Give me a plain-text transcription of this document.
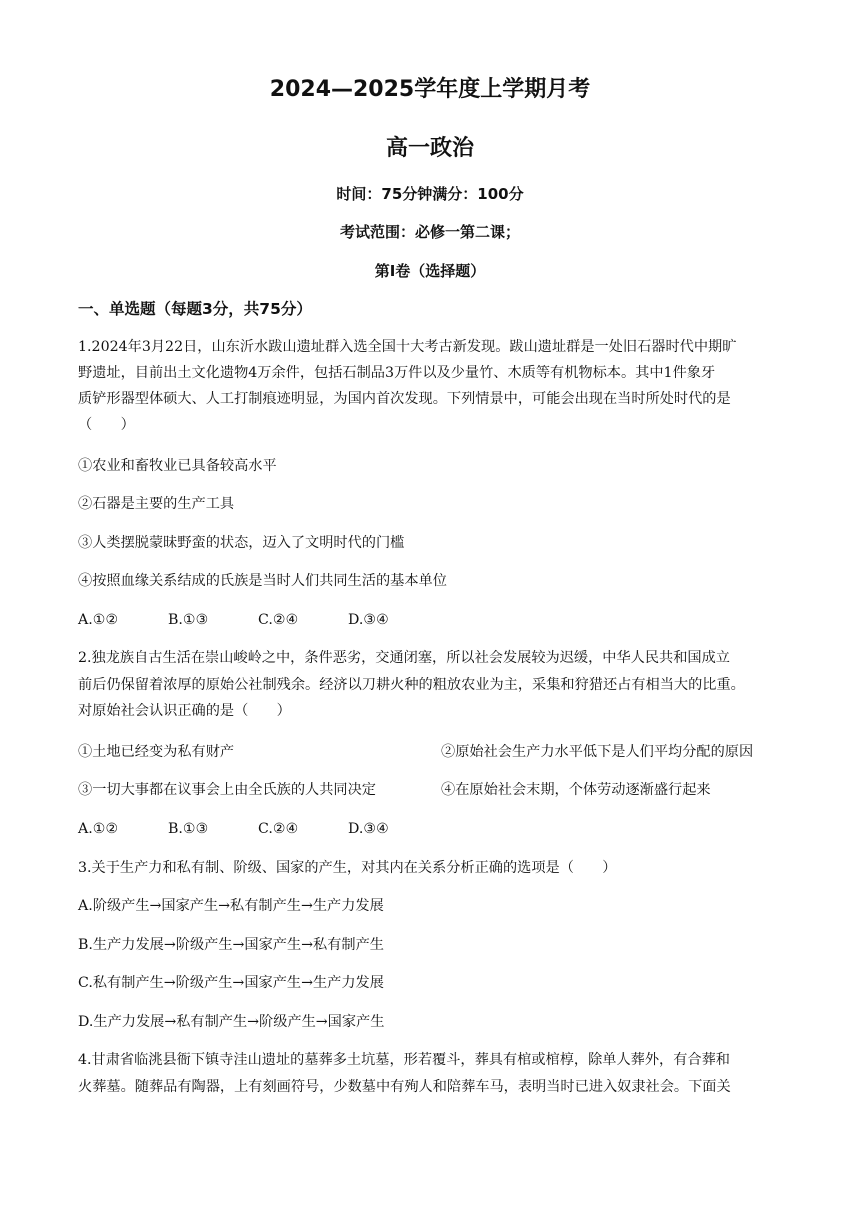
2024—2025学年度上学期月考
高一政治

时间：75分钟满分：100分

考试范围：必修一第二课；

第Ⅰ卷（选择题）

一、单选题（每题3分，共75分）

1.2024年3月22日，山东沂水跋山遗址群入选全国十大考古新发现。跋山遗址群是一处旧石器时代中期旷

野遗址，目前出土文化遗物4万余件，包括石制品3万件以及少量竹、木质等有机物标本。其中1件象牙

质铲形器型体硕大、人工打制痕迹明显，为国内首次发现。下列情景中，可能会出现在当时所处时代的是

（　　）

①农业和畜牧业已具备较高水平

②石器是主要的生产工具

③人类摆脱蒙昧野蛮的状态，迈入了文明时代的门槛

④按照血缘关系结成的氏族是当时人们共同生活的基本单位

A.①②	B.①③	C.②④	D.③④

2.独龙族自古生活在崇山峻岭之中，条件恶劣，交通闭塞，所以社会发展较为迟缓，中华人民共和国成立

前后仍保留着浓厚的原始公社制残余。经济以刀耕火种的粗放农业为主，采集和狩猎还占有相当大的比重。

对原始社会认识正确的是（　　）

①土地已经变为私有财产	②原始社会生产力水平低下是人们平均分配的原因

③一切大事都在议事会上由全氏族的人共同决定	④在原始社会末期，个体劳动逐渐盛行起来

A.①②	B.①③	C.②④	D.③④

3.关于生产力和私有制、阶级、国家的产生，对其内在关系分析正确的选项是（　　）

A.阶级产生→国家产生→私有制产生→生产力发展

B.生产力发展→阶级产生→国家产生→私有制产生

C.私有制产生→阶级产生→国家产生→生产力发展

D.生产力发展→私有制产生→阶级产生→国家产生

4.甘肃省临洮县衙下镇寺洼山遗址的墓葬多土坑墓，形若覆斗，葬具有棺或棺椁，除单人葬外，有合葬和

火葬墓。随葬品有陶器，上有刻画符号，少数墓中有殉人和陪葬车马，表明当时已进入奴隶社会。下面关
